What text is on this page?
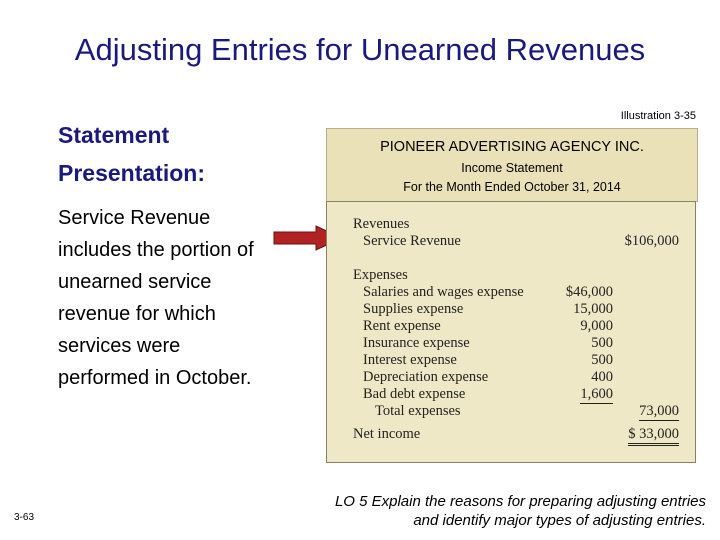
Adjusting Entries for Unearned Revenues
Illustration 3-35
Statement
Presentation:
Service Revenue
includes the portion of
unearned service
revenue for which
services were
performed in October.
PIONEER ADVERTISING AGENCY INC.
Income Statement
For the Month Ended October 31, 2014
Revenues
Service Revenue	$106,000
Expenses
Salaries and wages expense	$46,000
Supplies expense	15,000
Rent expense	9,000
Insurance expense	500
Interest expense	500
Depreciation expense	400
Bad debt expense	1,600
Total expenses	73,000
Net income	$ 33,000
3-63
LO 5 Explain the reasons for preparing adjusting entries
and identify major types of adjusting entries.
